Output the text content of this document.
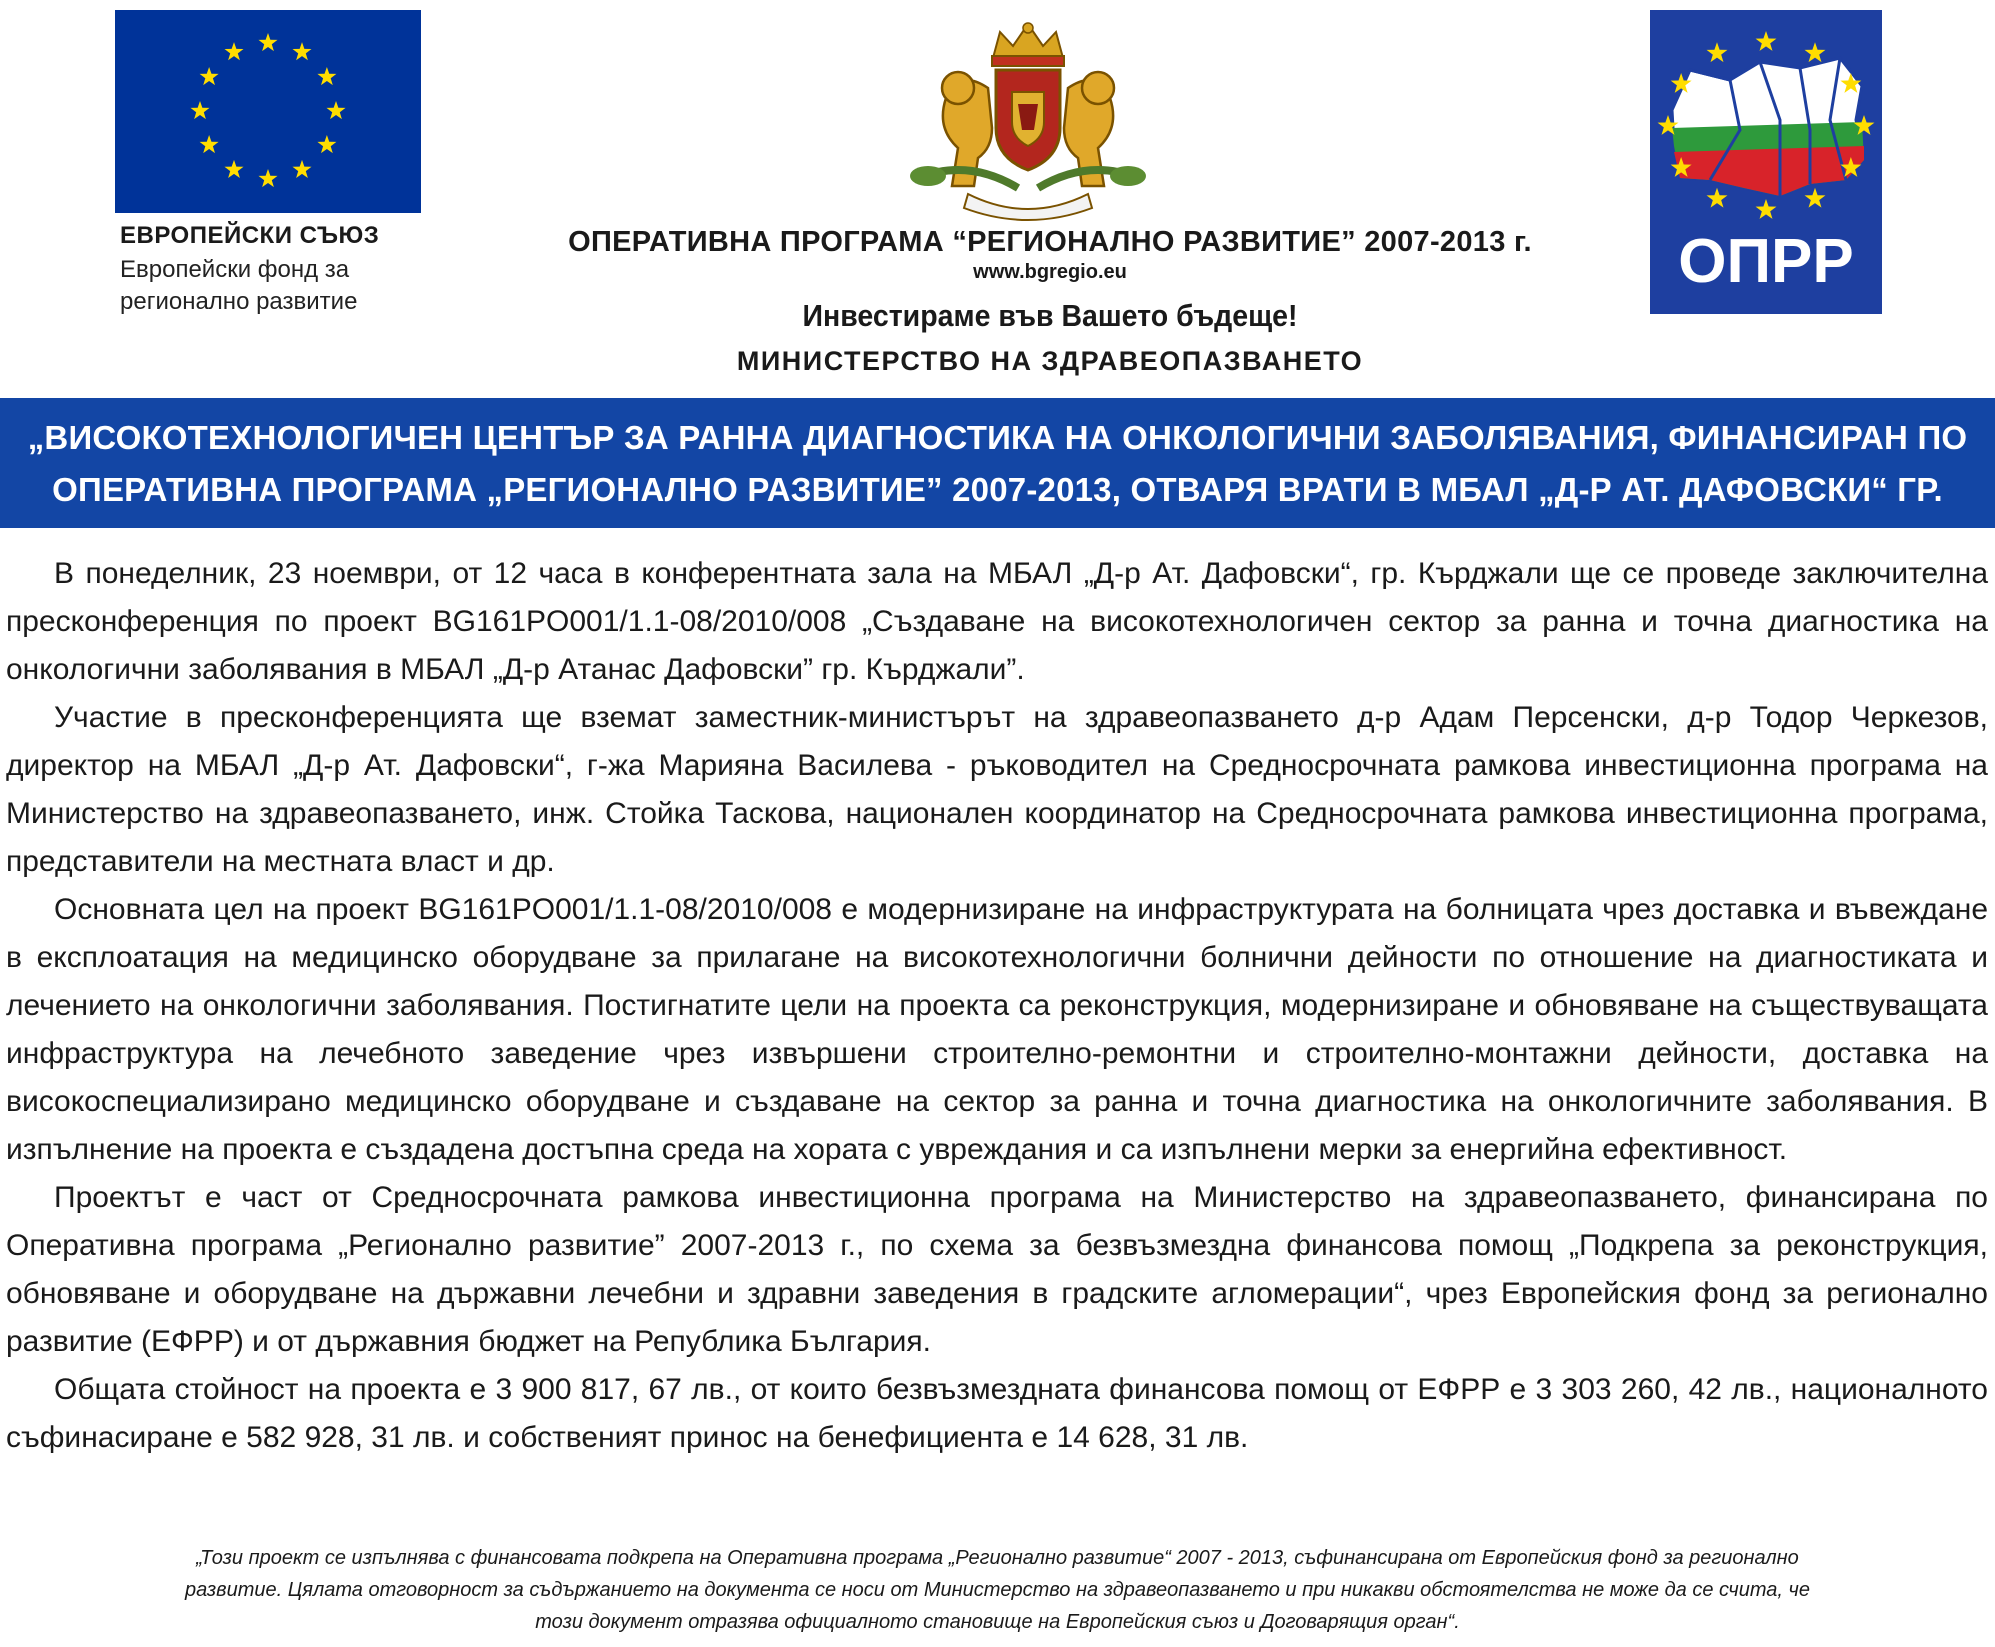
ЕВРОПЕЙСКИ СЪЮЗ
Европейски фонд за
регионално развитие
ОПЕРАТИВНА ПРОГРАМА “РЕГИОНАЛНО РАЗВИТИЕ” 2007-2013 г.
www.bgregio.eu
Инвестираме във Вашето бъдеще!
МИНИСТЕРСТВО НА ЗДРАВЕОПАЗВАНЕТО
ОПРР
„ВИСОКОТЕХНОЛОГИЧЕН ЦЕНТЪР ЗА РАННА ДИАГНОСТИКА НА ОНКОЛОГИЧНИ ЗАБОЛЯВАНИЯ, ФИНАНСИРАН ПО
ОПЕРАТИВНА ПРОГРАМА „РЕГИОНАЛНО РАЗВИТИЕ” 2007-2013, ОТВАРЯ ВРАТИ В МБАЛ „Д-Р АТ. ДАФОВСКИ“ ГР. КЪРДЖАЛИ.

В понеделник, 23 ноември, от 12 часа в конферентната зала на МБАЛ „Д-р Ат. Дафовски“, гр. Кърджали ще се проведе заключителна пресконференция по проект BG161PO001/1.1-08/2010/008 „Създаване на високотехнологичен сектор за ранна и точна диагностика на онкологични заболявания в МБАЛ „Д-р Атанас Дафовски” гр. Кърджали”.

Участие в пресконференцията ще вземат заместник-министърът на здравеопазването д-р Адам Персенски, д-р Тодор Черкезов, директор на МБАЛ „Д-р Ат. Дафовски“, г-жа Марияна Василева - ръководител на Средносрочната рамкова инвестиционна програма на Министерство на здравеопазването, инж. Стойка Таскова, национален координатор на Средносрочната рамкова инвестиционна програма, представители на местната власт и др.

Основната цел на проект BG161PO001/1.1-08/2010/008 е модернизиране на инфраструктурата на болницата чрез доставка и въвеждане в експлоатация на медицинско оборудване за прилагане на високотехнологични болнични дейности по отношение на диагностиката и лечението на онкологични заболявания. Постигнатите цели на проекта са реконструкция, модернизиране и обновяване на съществуващата инфраструктура на лечебното заведение чрез извършени строително-ремонтни и строително-монтажни дейности, доставка на високоспециализирано медицинско оборудване и създаване на сектор за ранна и точна диагностика на онкологичните заболявания. В изпълнение на проекта е създадена достъпна среда на хората с увреждания и са изпълнени мерки за енергийна ефективност.

Проектът е част от Средносрочната рамкова инвестиционна програма на Министерство на здравеопазването, финансирана по Оперативна програма „Регионално развитие” 2007-2013 г., по схема за безвъзмездна финансова помощ „Подкрепа за реконструкция, обновяване и оборудване на държавни лечебни и здравни заведения в градските агломерации“, чрез Европейския фонд за регионално развитие (ЕФРР) и от държавния бюджет на Република България.

Общата стойност на проекта е 3 900 817, 67 лв., от които безвъзмездната финансова помощ от ЕФРР е 3 303 260, 42 лв., националното съфинасиране е 582 928, 31 лв. и собственият принос на бенефициента е 14 628, 31 лв.

„Този проект се изпълнява с финансовата подкрепа на Оперативна програма „Регионално развитие“ 2007 - 2013, съфинансирана от Европейския фонд за регионално
развитие. Цялата отговорност за съдържанието на документа се носи от Министерство на здравеопазването и при никакви обстоятелства не може да се счита, че
този документ отразява официалното становище на Европейския съюз и Договарящия орган“.
